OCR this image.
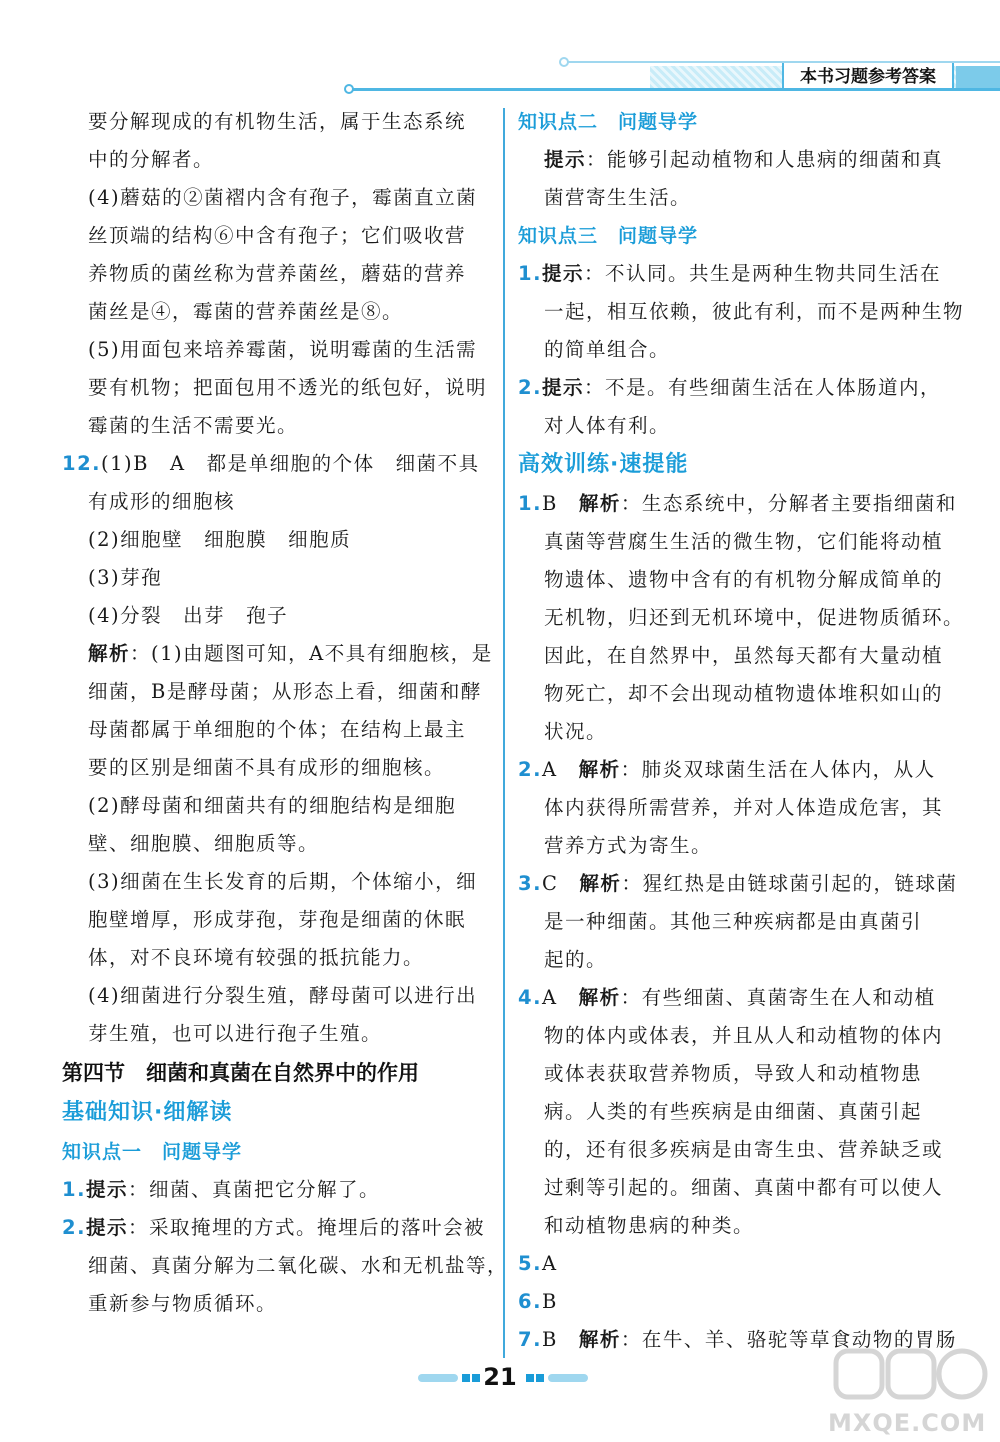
本书习题参考答案
要分解现成的有机物生活，属于生态系统
中的分解者。
(4)蘑菇的②菌褶内含有孢子，霉菌直立菌
丝顶端的结构⑥中含有孢子；它们吸收营
养物质的菌丝称为营养菌丝，蘑菇的营养
菌丝是④，霉菌的营养菌丝是⑧。
(5)用面包来培养霉菌，说明霉菌的生活需
要有机物；把面包用不透光的纸包好，说明
霉菌的生活不需要光。
12.(1)B　A　都是单细胞的个体　细菌不具
有成形的细胞核
(2)细胞壁　细胞膜　细胞质
(3)芽孢
(4)分裂　出芽　孢子
解析：(1)由题图可知，A不具有细胞核，是
细菌，B是酵母菌；从形态上看，细菌和酵
母菌都属于单细胞的个体；在结构上最主
要的区别是细菌不具有成形的细胞核。
(2)酵母菌和细菌共有的细胞结构是细胞
壁、细胞膜、细胞质等。
(3)细菌在生长发育的后期，个体缩小，细
胞壁增厚，形成芽孢，芽孢是细菌的休眠
体，对不良环境有较强的抵抗能力。
(4)细菌进行分裂生殖，酵母菌可以进行出
芽生殖，也可以进行孢子生殖。
第四节　细菌和真菌在自然界中的作用
基础知识·细解读
知识点一　问题导学
1.提示：细菌、真菌把它分解了。
2.提示：采取掩埋的方式。掩埋后的落叶会被
细菌、真菌分解为二氧化碳、水和无机盐等，
重新参与物质循环。
知识点二　问题导学
提示：能够引起动植物和人患病的细菌和真
菌营寄生生活。
知识点三　问题导学
1.提示：不认同。共生是两种生物共同生活在
一起，相互依赖，彼此有利，而不是两种生物
的简单组合。
2.提示：不是。有些细菌生活在人体肠道内，
对人体有利。
高效训练·速提能
1.B　 解析：生态系统中，分解者主要指细菌和
真菌等营腐生生活的微生物，它们能将动植
物遗体、遗物中含有的有机物分解成简单的
无机物，归还到无机环境中，促进物质循环。
因此，在自然界中，虽然每天都有大量动植
物死亡，却不会出现动植物遗体堆积如山的
状况。
2.A　 解析：肺炎双球菌生活在人体内，从人
体内获得所需营养，并对人体造成危害，其
营养方式为寄生。
3.C　 解析：猩红热是由链球菌引起的，链球菌
是一种细菌。其他三种疾病都是由真菌引
起的。
4.A　 解析：有些细菌、真菌寄生在人和动植
物的体内或体表，并且从人和动植物的体内
或体表获取营养物质，导致人和动植物患
病。人类的有些疾病是由细菌、真菌引起
的，还有很多疾病是由寄生虫、营养缺乏或
过剩等引起的。细菌、真菌中都有可以使人
和动植物患病的种类。
5.A
6.B
7.B　 解析：在牛、羊、骆驼等草食动物的胃肠
21
MXQE.COM
